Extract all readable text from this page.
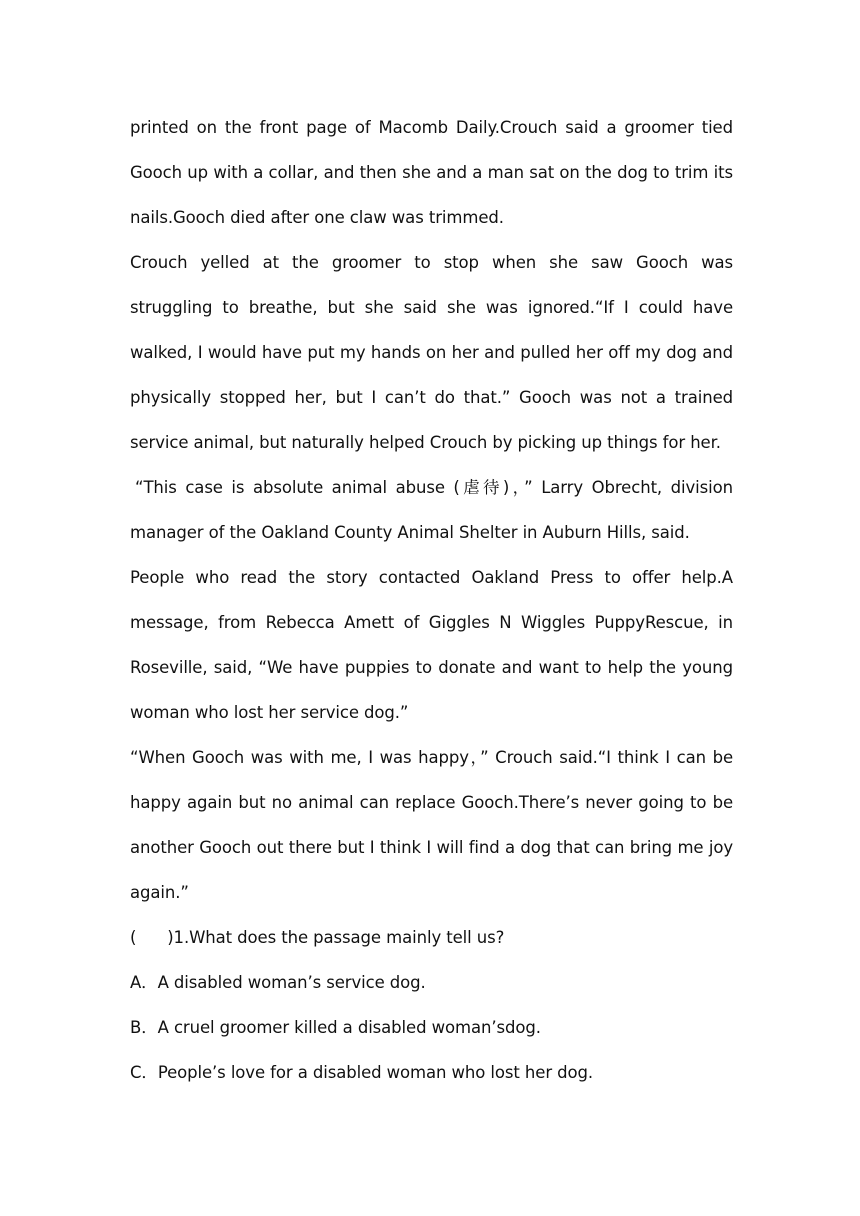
printed on the front page of Macomb Daily.Crouch said a groomer tied Gooch up with a collar, and then she and a man sat on the dog to trim its nails.Gooch died after one claw was trimmed.

Crouch yelled at the groomer to stop when she saw Gooch was struggling to breathe, but she said she was ignored.“If I could have walked, I would have put my hands on her and pulled her off my dog and physically stopped her, but I can’t do that.” Gooch was not a trained service animal, but naturally helped Crouch by picking up things for her.

“This case is absolute animal abuse (虐待)，” Larry Obrecht, division manager of the Oakland County Animal Shelter in Auburn Hills, said.

People who read the story contacted Oakland Press to offer help.A message, from Rebecca Amett of Giggles N Wiggles PuppyRescue, in Roseville, said, “We have puppies to donate and want to help the young woman who lost her service dog.”

“When Gooch was with me, I was happy，” Crouch said.“I think I can be happy again but no animal can replace Gooch.There’s never going to be another Gooch out there but I think I will find a dog that can bring me joy again.”

(      )1.What does the passage mainly tell us?

A．A disabled woman’s service dog.

B．A cruel groomer killed a disabled woman’sdog.

C．People’s love for a disabled woman who lost her dog.
